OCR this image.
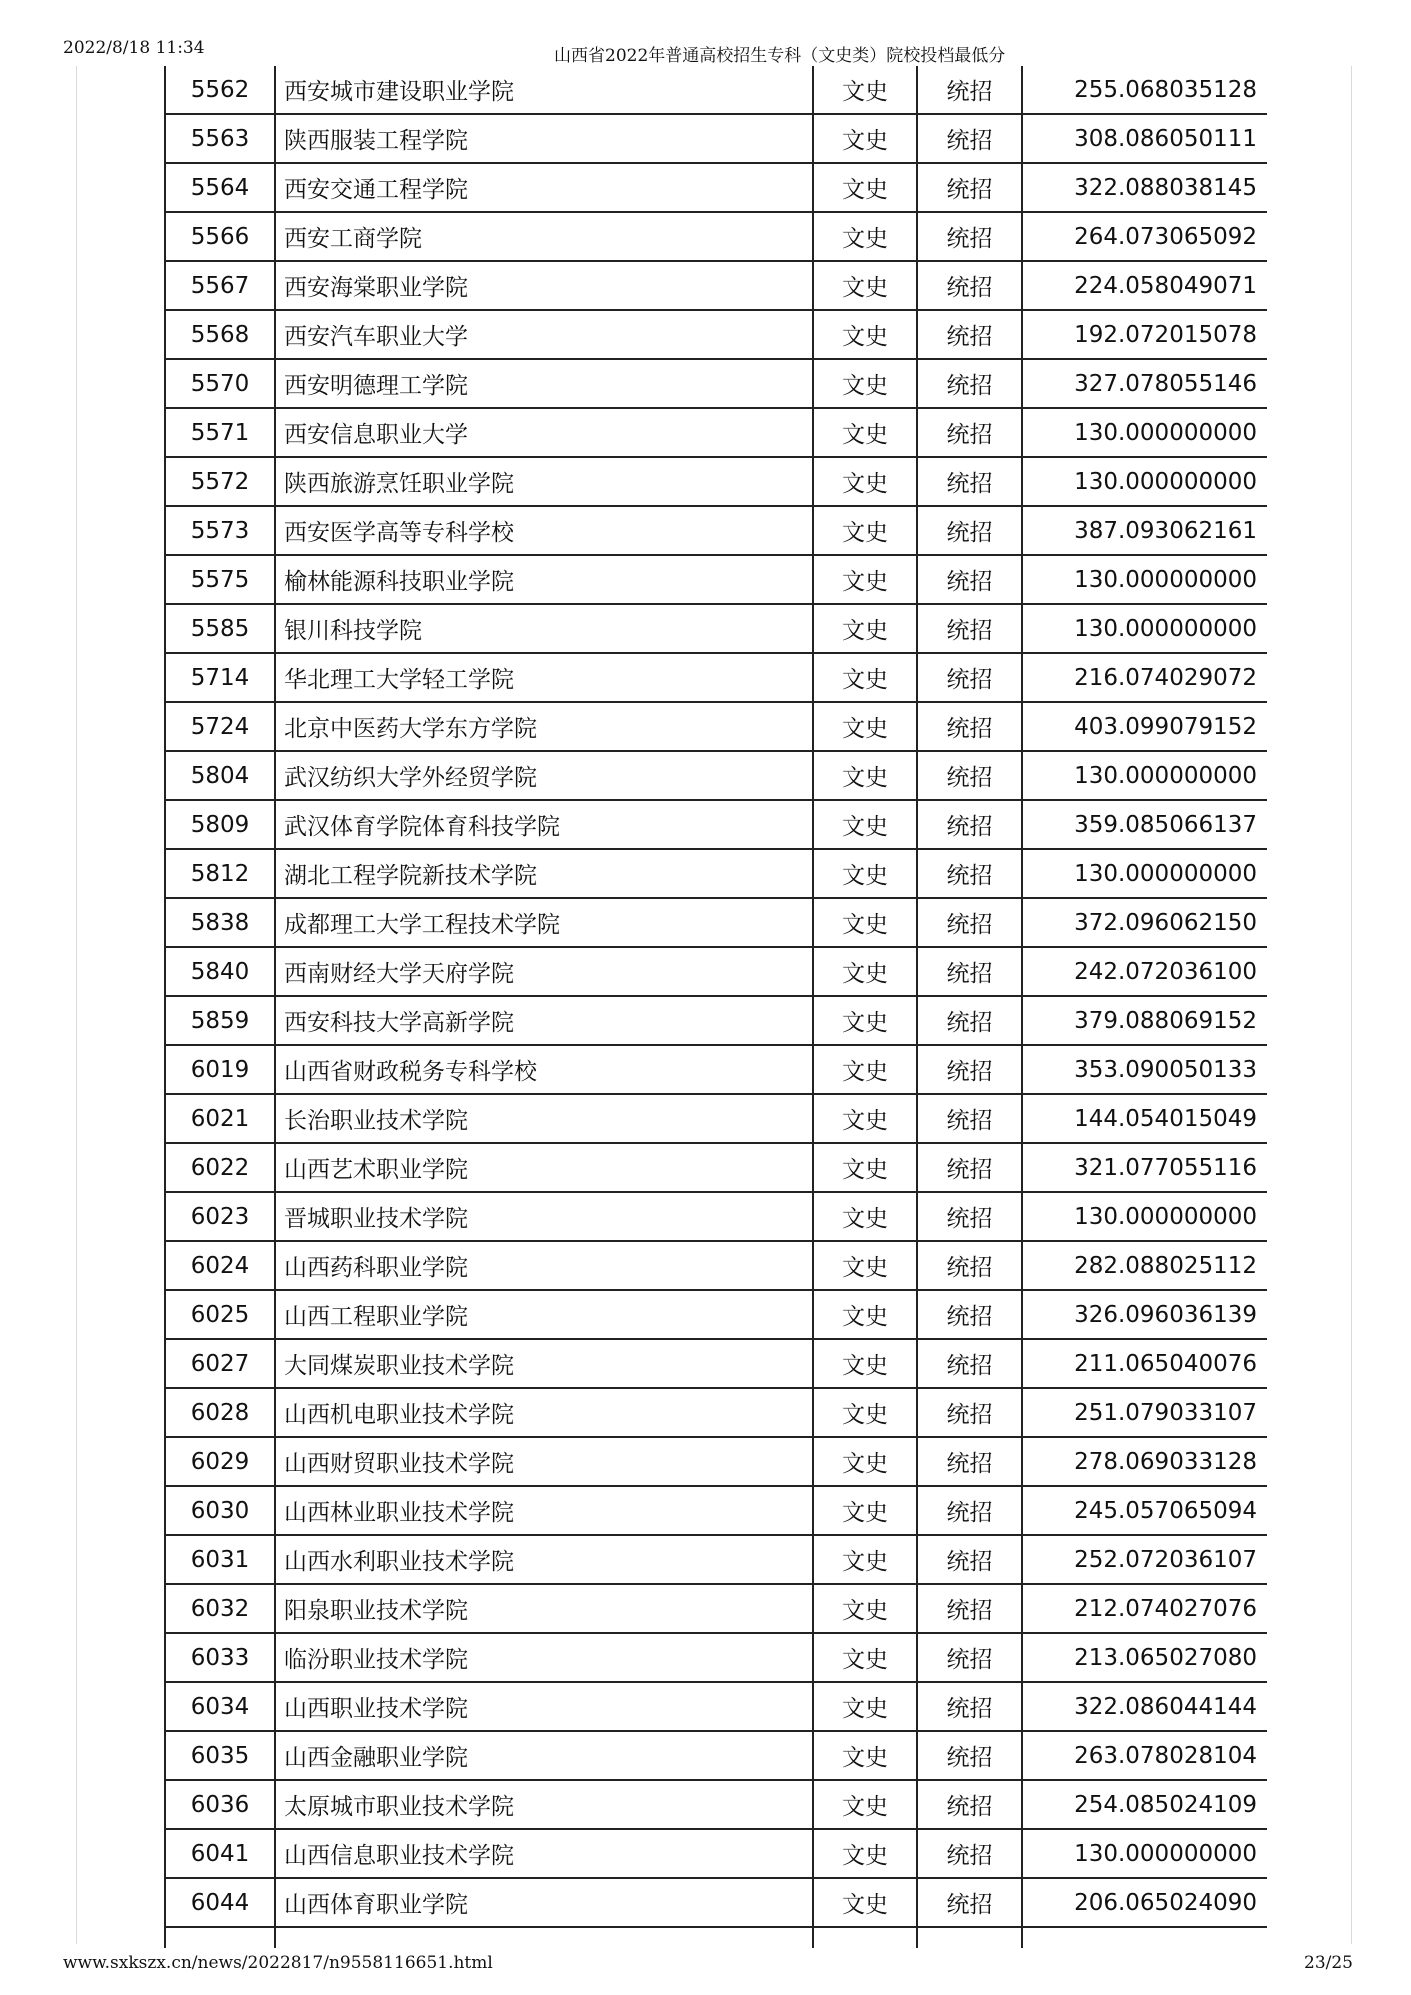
2022/8/18 11:34	山西省2022年普通高校招生专科（文史类）院校投档最低分
5562	西安城市建设职业学院	文史	统招	255.068035128
5563	陕西服装工程学院	文史	统招	308.086050111
5564	西安交通工程学院	文史	统招	322.088038145
5566	西安工商学院	文史	统招	264.073065092
5567	西安海棠职业学院	文史	统招	224.058049071
5568	西安汽车职业大学	文史	统招	192.072015078
5570	西安明德理工学院	文史	统招	327.078055146
5571	西安信息职业大学	文史	统招	130.000000000
5572	陕西旅游烹饪职业学院	文史	统招	130.000000000
5573	西安医学高等专科学校	文史	统招	387.093062161
5575	榆林能源科技职业学院	文史	统招	130.000000000
5585	银川科技学院	文史	统招	130.000000000
5714	华北理工大学轻工学院	文史	统招	216.074029072
5724	北京中医药大学东方学院	文史	统招	403.099079152
5804	武汉纺织大学外经贸学院	文史	统招	130.000000000
5809	武汉体育学院体育科技学院	文史	统招	359.085066137
5812	湖北工程学院新技术学院	文史	统招	130.000000000
5838	成都理工大学工程技术学院	文史	统招	372.096062150
5840	西南财经大学天府学院	文史	统招	242.072036100
5859	西安科技大学高新学院	文史	统招	379.088069152
6019	山西省财政税务专科学校	文史	统招	353.090050133
6021	长治职业技术学院	文史	统招	144.054015049
6022	山西艺术职业学院	文史	统招	321.077055116
6023	晋城职业技术学院	文史	统招	130.000000000
6024	山西药科职业学院	文史	统招	282.088025112
6025	山西工程职业学院	文史	统招	326.096036139
6027	大同煤炭职业技术学院	文史	统招	211.065040076
6028	山西机电职业技术学院	文史	统招	251.079033107
6029	山西财贸职业技术学院	文史	统招	278.069033128
6030	山西林业职业技术学院	文史	统招	245.057065094
6031	山西水利职业技术学院	文史	统招	252.072036107
6032	阳泉职业技术学院	文史	统招	212.074027076
6033	临汾职业技术学院	文史	统招	213.065027080
6034	山西职业技术学院	文史	统招	322.086044144
6035	山西金融职业学院	文史	统招	263.078028104
6036	太原城市职业技术学院	文史	统招	254.085024109
6041	山西信息职业技术学院	文史	统招	130.000000000
6044	山西体育职业学院	文史	统招	206.065024090

www.sxkszx.cn/news/2022817/n9558116651.html	23/25
